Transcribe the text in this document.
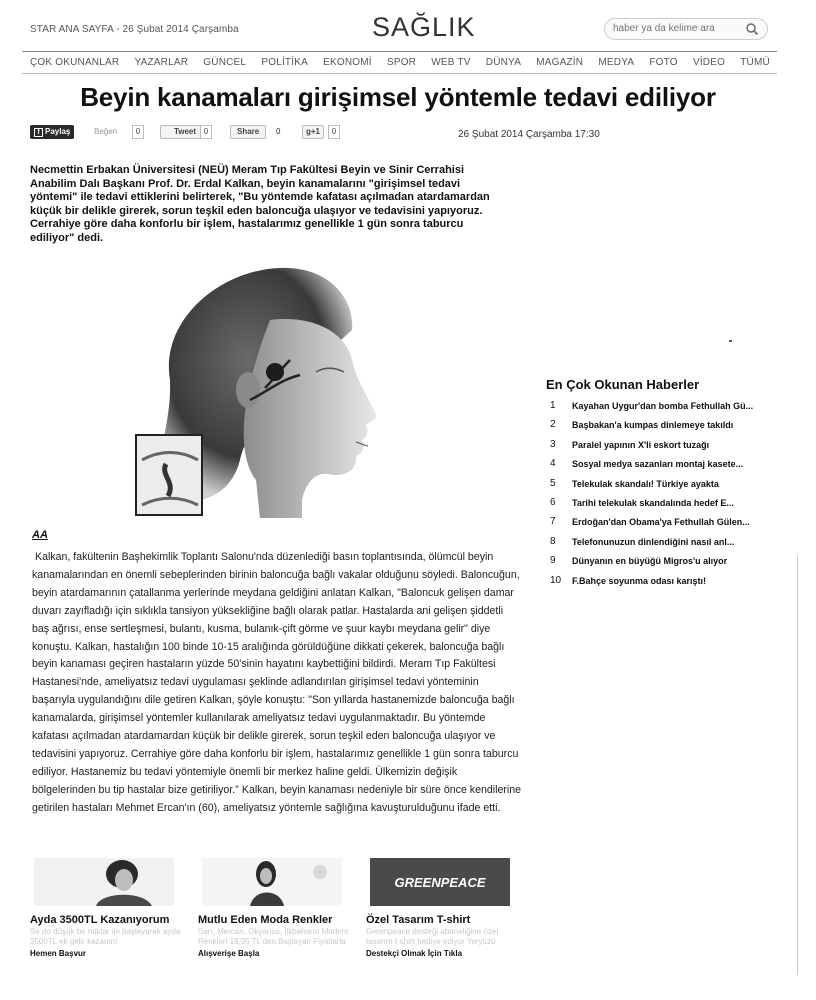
STAR ANA SAYFA - 26 Şubat 2014 Çarşamba	SAĞLIK
haber ya da kelime ara
ÇOK OKUNANLAR YAZARLAR GÜNCEL POLİTİKA EKONOMİ SPOR WEB TV DÜNYA MAGAZİN MEDYA FOTO VİDEO TÜMÜ
Beyin kanamaları girişimsel yöntemle tedavi ediliyor
f Paylaş	Beğen	0	Tweet 0	Share	0	g+1	0	26 Şubat 2014 Çarşamba 17:30

Necmettin Erbakan Üniversitesi (NEÜ) Meram Tıp Fakültesi Beyin ve Sinir Cerrahisi Anabilim Dalı Başkanı Prof. Dr. Erdal Kalkan, beyin kanamalarını "girişimsel tedavi yöntemi" ile tedavi ettiklerini belirterek, "Bu yöntemde kafatası açılmadan atardamardan küçük bir delikle girerek, sorun teşkil eden baloncuğa ulaşıyor ve tedavisini yapıyoruz. Cerrahiye göre daha konforlu bir işlem, hastalarımız genellikle 1 gün sonra taburcu ediliyor" dedi.

AA

Kalkan, fakültenin Başhekimlik Toplantı Salonu'nda düzenlediği basın toplantısında, ölümcül beyin kanamalarından en önemli sebeplerinden birinin baloncuğa bağlı vakalar olduğunu söyledi. Baloncuğun, beyin atardamarının çatallanma yerlerinde meydana geldiğini anlatan Kalkan, "Baloncuk gelişen damar duvarı zayıfladığı için sıklıkla tansiyon yüksekliğine bağlı olarak patlar. Hastalarda ani gelişen şiddetli baş ağrısı, ense sertleşmesi, bulantı, kusma, bulanık-çift görme ve şuur kaybı meydana gelir" diye konuştu. Kalkan, hastalığın 100 binde 10-15 aralığında görüldüğüne dikkati çekerek, baloncuğa bağlı beyin kanaması geçiren hastaların yüzde 50'sinin hayatını kaybettiğini bildirdi. Meram Tıp Fakültesi Hastanesi'nde, ameliyatsız tedavi uygulaması şeklinde adlandırılan girişimsel tedavi yönteminin başarıyla uygulandığını dile getiren Kalkan, şöyle konuştu: "Son yıllarda hastanemizde baloncuğa bağlı kanamalarda, girişimsel yöntemler kullanılarak ameliyatsız tedavi uygulanmaktadır. Bu yöntemde kafatası açılmadan atardamardan küçük bir delikle girerek, sorun teşkil eden baloncuğa ulaşıyor ve tedavisini yapıyoruz. Cerrahiye göre daha konforlu bir işlem, hastalarımız genellikle 1 gün sonra taburcu ediliyor. Hastanemiz bu tedavi yöntemiyle önemli bir merkez haline geldi. Ülkemizin değişik bölgelerinden bu tip hastalar bize getiriliyor." Kalkan, beyin kanaması nedeniyle bir süre önce kendilerine getirilen hastaları Mehmet Ercan'ın (60), ameliyatsız yöntemle sağlığına kavuşturulduğunu ifade etti.

En Çok Okunan Haberler
1	Kayahan Uygur'dan bomba Fethullah Gü...
2	Başbakan'a kumpas dinlemeye takıldı
3	Paralel yapının X'li eskort tuzağı
4	Sosyal medya sazanları montaj kasete...
5	Telekulak skandalı! Türkiye ayakta
6	Tarihi telekulak skandalında hedef E...
7	Erdoğan'dan Obama'ya Fethullah Gülen...
8	Telefonunuzun dinlendiğini nasıl anl...
9	Dünyanın en büyüğü Migros'u alıyor
10	F.Bahçe soyunma odası karıştı!
Ayda 3500TL Kazanıyorum
Se do düşük bir miktar ile başlayarak ayda 3500TL ek gelir kazanın!
Hemen Başvur
Mutlu Eden Moda Renkler
Sarı, Mercan, Okyanus, İlkbaharın Modern Renkleri 19,95 TL'den Başlayan Fiyatlarla
Alışverişe Başla
GREENPEACE
Özel Tasarım T-shirt
Greenpeace desteği aboneliğine özel tasarım t-shirt hediye ediyor Yeryüzü
Destekçi Olmak İçin Tıkla
